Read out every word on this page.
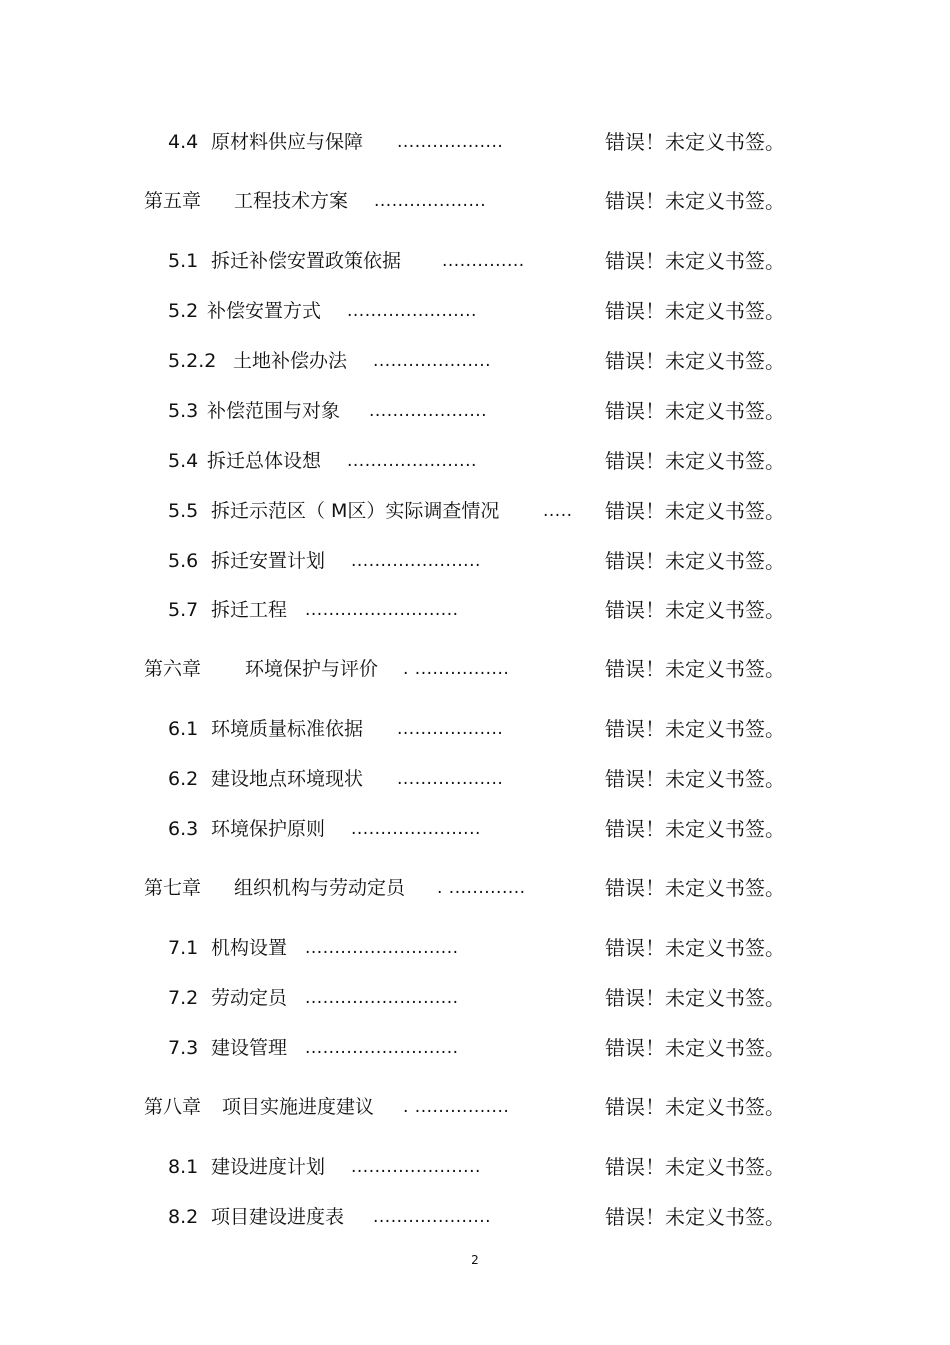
4.4 原材料供应与保障 ..................	错误！未定义书签。
第五章 工程技术方案 ...................	错误！未定义书签。
5.1 拆迁补偿安置政策依据 ..............	错误！未定义书签。
5.2 补偿安置方式 ......................	错误！未定义书签。
5.2.2 土地补偿办法 ....................	错误！未定义书签。
5.3 补偿范围与对象 ....................	错误！未定义书签。
5.4 拆迁总体设想 ......................	错误！未定义书签。
5.5 拆迁示范区（ M区）实际调查情况	..... 错误！未定义书签。
5.6 拆迁安置计划 ......................	错误！未定义书签。
5.7 拆迁工程 ..........................	错误！未定义书签。
第六章 环境保护与评价 . ................	错误！未定义书签。
6.1 环境质量标准依据 ..................	错误！未定义书签。
6.2 建设地点环境现状 ..................	错误！未定义书签。
6.3 环境保护原则 ......................	错误！未定义书签。
第七章 组织机构与劳动定员 . .............	错误！未定义书签。
7.1 机构设置 ..........................	错误！未定义书签。
7.2 劳动定员 ..........................	错误！未定义书签。
7.3 建设管理 ..........................	错误！未定义书签。
第八章 项目实施进度建议 . ................	错误！未定义书签。
8.1 建设进度计划 ......................	错误！未定义书签。
8.2 项目建设进度表 ....................	错误！未定义书签。
2
